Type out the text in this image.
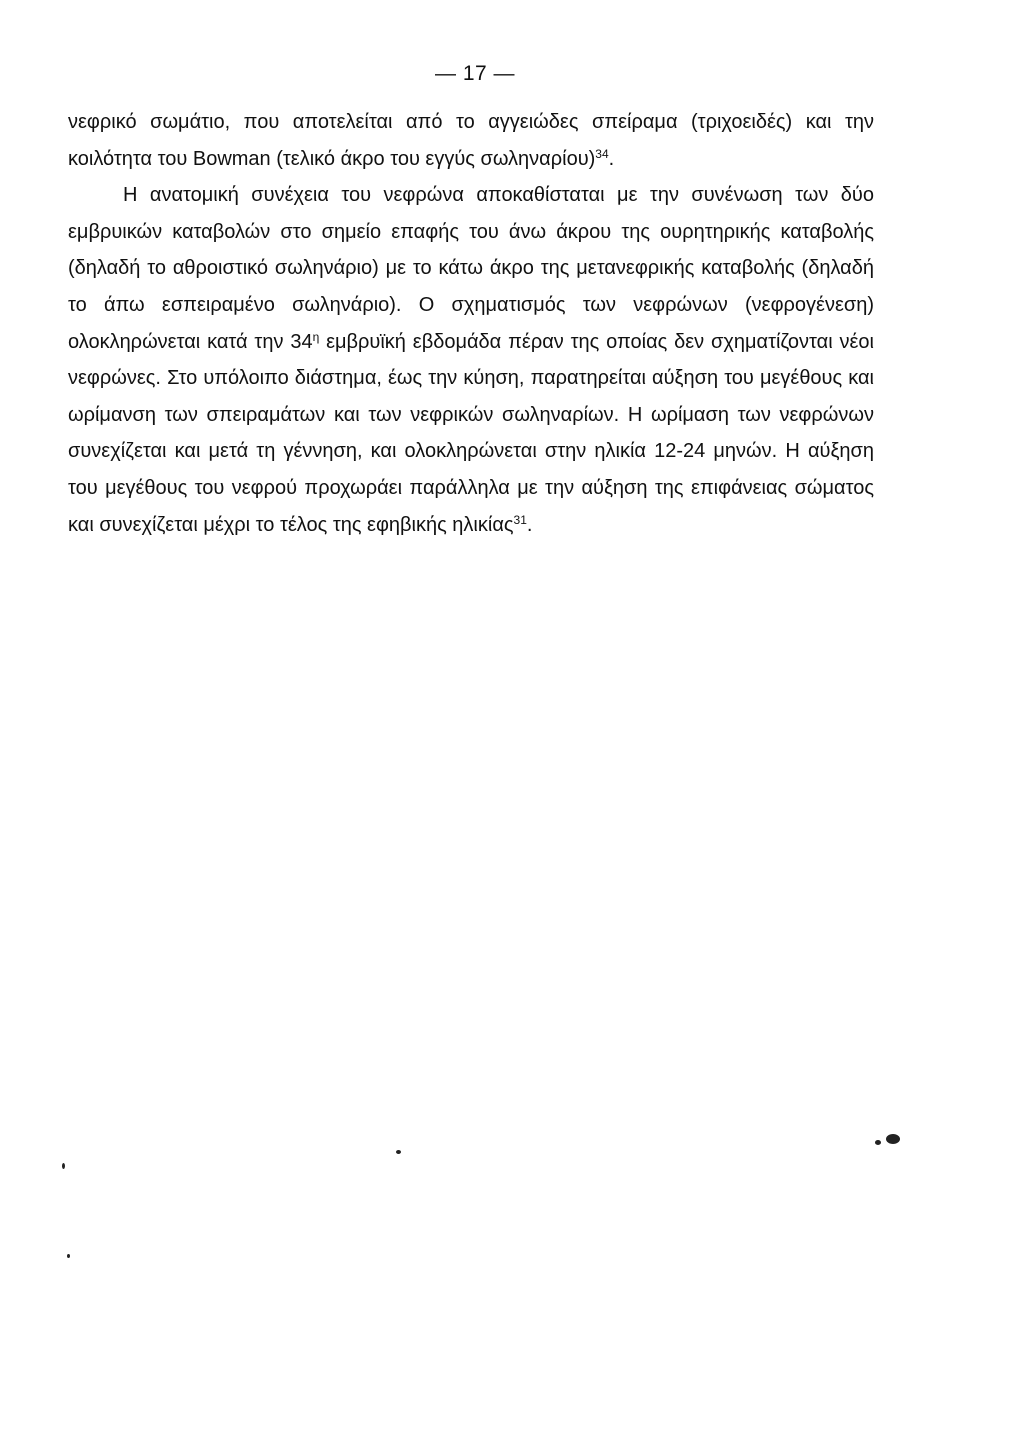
— 17 —

νεφρικό σωμάτιο, που αποτελείται από το αγγειώδες σπείραμα (τριχοειδές) και την κοιλότητα του Bowman (τελικό άκρο του εγγύς σωληναρίου)$^{34}$.

Η ανατομική συνέχεια του νεφρώνα αποκαθίσταται με την συνένωση των δύο εμβρυικών καταβολών στο σημείο επαφής του άνω άκρου της ουρητηρικής καταβολής (δηλαδή το αθροιστικό σωληνάριο) με το κάτω άκρο της μετανεφρικής καταβολής (δηλαδή το άπω εσπειραμένο σωληνάριο). Ο σχηματισμός των νεφρώνων (νεφρογένεση) ολοκληρώνεται κατά την $34^\eta$ εμβρυϊκή εβδομάδα πέραν της οποίας δεν σχηματίζονται νέοι νεφρώνες. Στο υπόλοιπο διάστημα, έως την κύηση, παρατηρείται αύξηση του μεγέθους και ωρίμανση των σπειραμάτων και των νεφρικών σωληναρίων. Η ωρίμαση των νεφρώνων συνεχίζεται και μετά τη γέννηση, και ολοκληρώνεται στην ηλικία 12-24 μηνών. Η αύξηση του μεγέθους του νεφρού προχωράει παράλληλα με την αύξηση της επιφάνειας σώματος και συνεχίζεται μέχρι το τέλος της εφηβικής ηλικίας$^{31}$.
